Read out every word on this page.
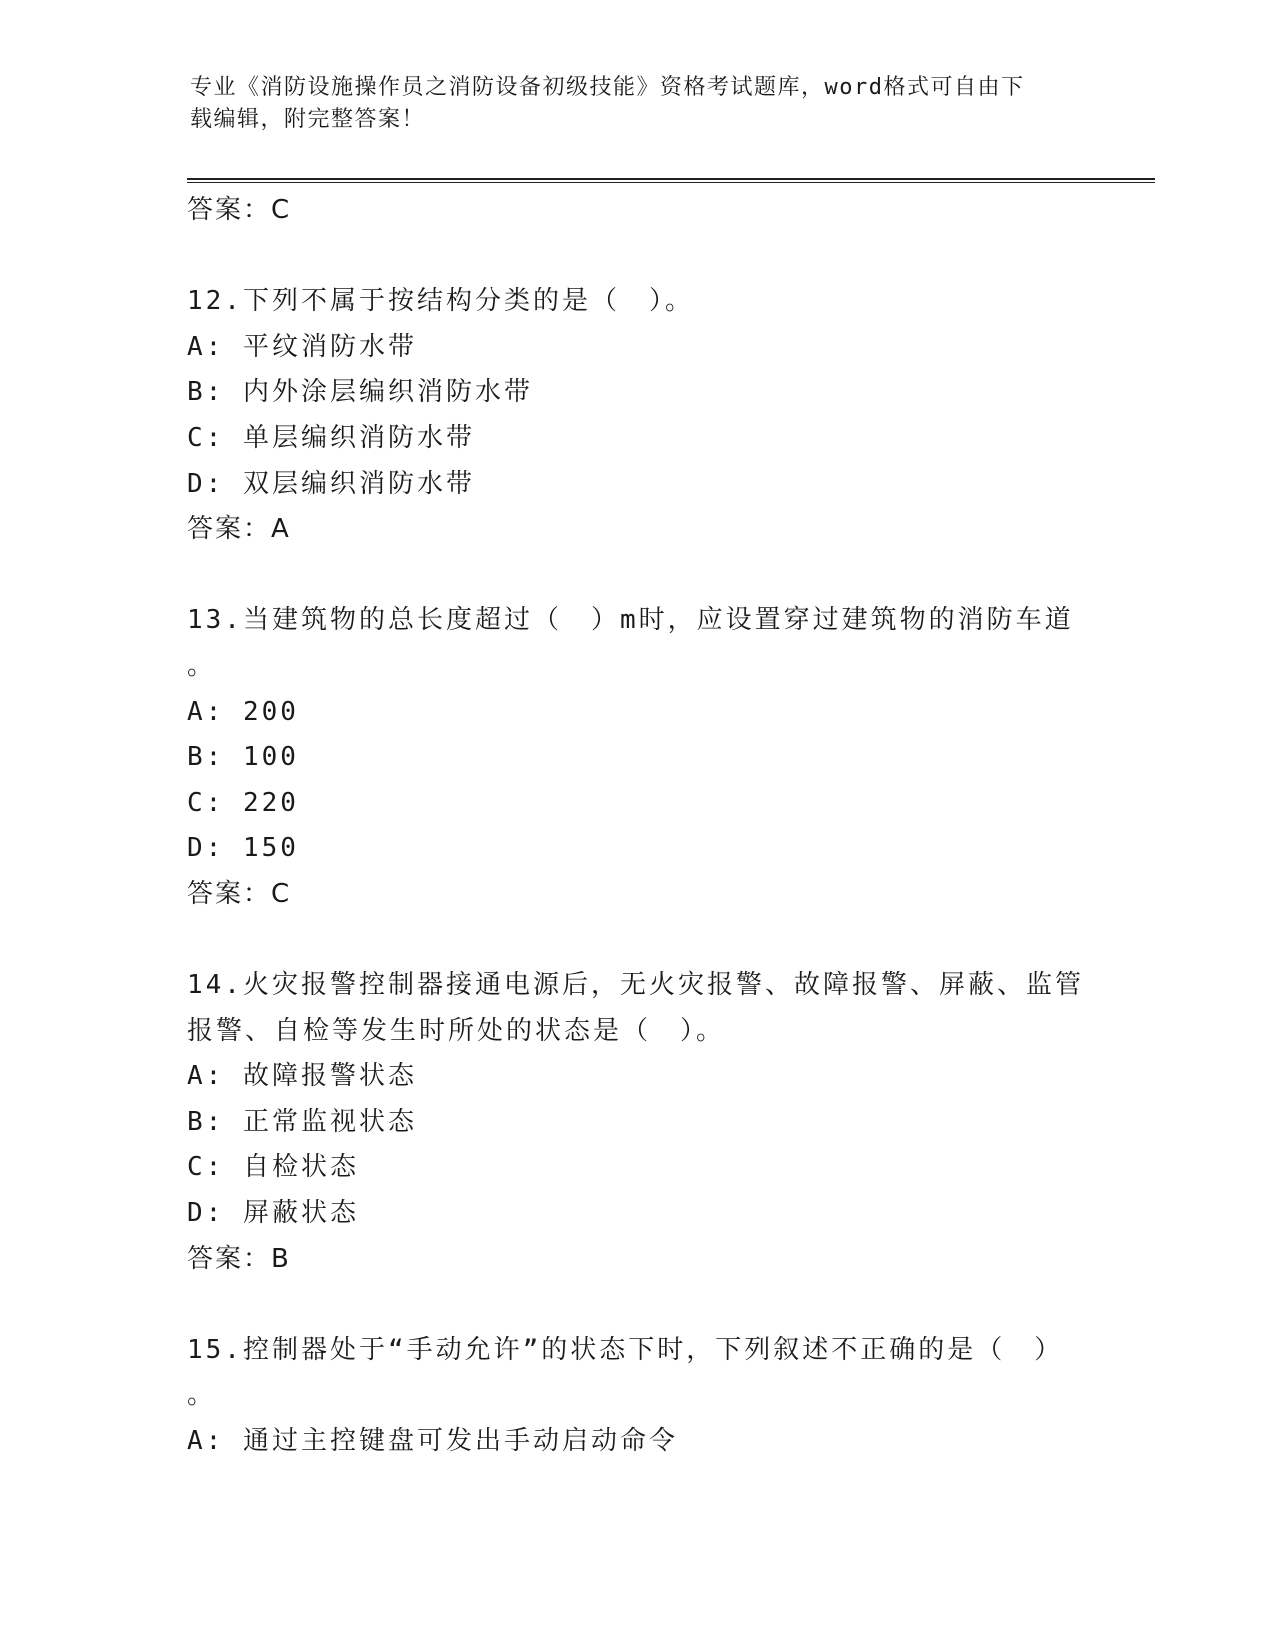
专业《消防设施操作员之消防设备初级技能》资格考试题库，word格式可自由下
载编辑，附完整答案！
答案：C
12.下列不属于按结构分类的是（　）。
A: 平纹消防水带
B: 内外涂层编织消防水带
C: 单层编织消防水带
D: 双层编织消防水带
答案：A
13.当建筑物的总长度超过（　）m时，应设置穿过建筑物的消防车道
。
A: 200
B: 100
C: 220
D: 150
答案：C
14.火灾报警控制器接通电源后，无火灾报警、故障报警、屏蔽、监管
报警、自检等发生时所处的状态是（　）。
A: 故障报警状态
B: 正常监视状态
C: 自检状态
D: 屏蔽状态
答案：B
15.控制器处于“手动允许”的状态下时，下列叙述不正确的是（　）
。
A: 通过主控键盘可发出手动启动命令
